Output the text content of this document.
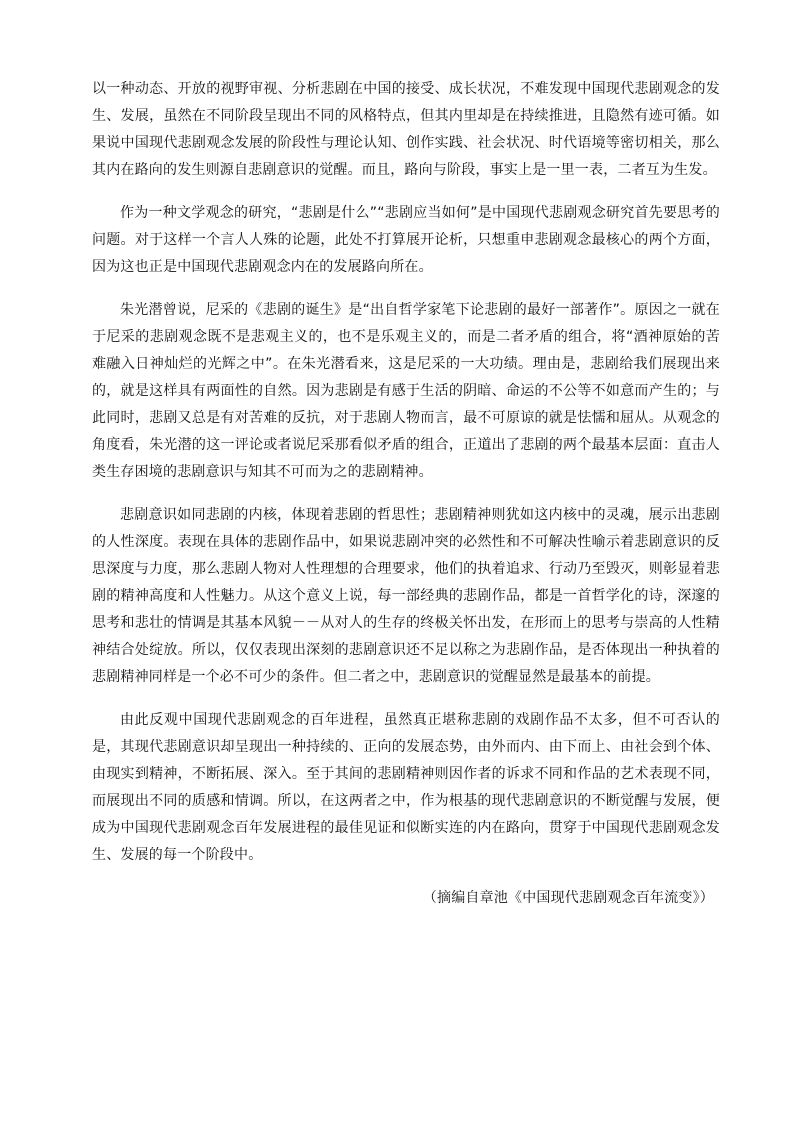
以一种动态、开放的视野审视、分析悲剧在中国的接受、成长状况，不难发现中国现代悲剧观念的发生、发展，虽然在不同阶段呈现出不同的风格特点，但其内里却是在持续推进，且隐然有迹可循。如果说中国现代悲剧观念发展的阶段性与理论认知、创作实践、社会状况、时代语境等密切相关，那么其内在路向的发生则源自悲剧意识的觉醒。而且，路向与阶段，事实上是一里一表，二者互为生发。

作为一种文学观念的研究，“悲剧是什么”“悲剧应当如何”是中国现代悲剧观念研究首先要思考的问题。对于这样一个言人人殊的论题，此处不打算展开论析，只想重申悲剧观念最核心的两个方面，因为这也正是中国现代悲剧观念内在的发展路向所在。

朱光潜曾说，尼采的《悲剧的诞生》是“出自哲学家笔下论悲剧的最好一部著作”。原因之一就在于尼采的悲剧观念既不是悲观主义的，也不是乐观主义的，而是二者矛盾的组合，将“酒神原始的苦难融入日神灿烂的光辉之中”。在朱光潜看来，这是尼采的一大功绩。理由是，悲剧给我们展现出来的，就是这样具有两面性的自然。因为悲剧是有感于生活的阴暗、命运的不公等不如意而产生的；与此同时，悲剧又总是有对苦难的反抗，对于悲剧人物而言，最不可原谅的就是怯懦和屈从。从观念的角度看，朱光潜的这一评论或者说尼采那看似矛盾的组合，正道出了悲剧的两个最基本层面：直击人类生存困境的悲剧意识与知其不可而为之的悲剧精神。

悲剧意识如同悲剧的内核，体现着悲剧的哲思性；悲剧精神则犹如这内核中的灵魂，展示出悲剧的人性深度。表现在具体的悲剧作品中，如果说悲剧冲突的必然性和不可解决性喻示着悲剧意识的反思深度与力度，那么悲剧人物对人性理想的合理要求，他们的执着追求、行动乃至毁灭，则彰显着悲剧的精神高度和人性魅力。从这个意义上说，每一部经典的悲剧作品，都是一首哲学化的诗，深邃的思考和悲壮的情调是其基本风貌－－从对人的生存的终极关怀出发，在形而上的思考与崇高的人性精神结合处绽放。所以，仅仅表现出深刻的悲剧意识还不足以称之为悲剧作品，是否体现出一种执着的悲剧精神同样是一个必不可少的条件。但二者之中，悲剧意识的觉醒显然是最基本的前提。

由此反观中国现代悲剧观念的百年进程，虽然真正堪称悲剧的戏剧作品不太多，但不可否认的是，其现代悲剧意识却呈现出一种持续的、正向的发展态势，由外而内、由下而上、由社会到个体、由现实到精神，不断拓展、深入。至于其间的悲剧精神则因作者的诉求不同和作品的艺术表现不同，而展现出不同的质感和情调。所以，在这两者之中，作为根基的现代悲剧意识的不断觉醒与发展，便成为中国现代悲剧观念百年发展进程的最佳见证和似断实连的内在路向，贯穿于中国现代悲剧观念发生、发展的每一个阶段中。

（摘编自章池《中国现代悲剧观念百年流变》）
